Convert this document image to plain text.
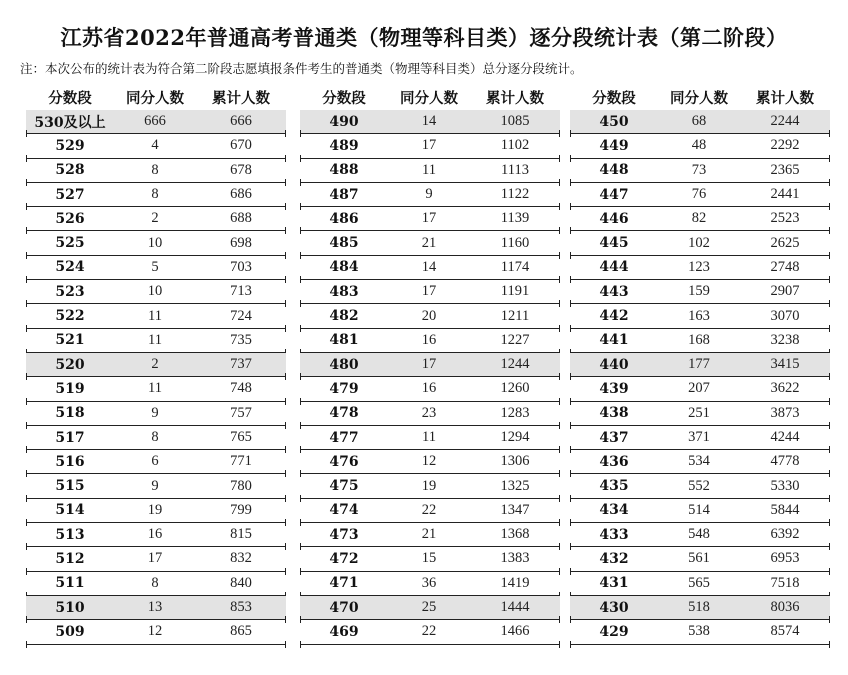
江苏省2022年普通高考普通类（物理等科目类）逐分段统计表（第二阶段）
注：本次公布的统计表为符合第二阶段志愿填报条件考生的普通类（物理等科目类）总分逐分段统计。
分数段	同分人数	累计人数
530及以上	666	666
529	4	670
528	8	678
527	8	686
526	2	688
525	10	698
524	5	703
523	10	713
522	11	724
521	11	735
520	2	737
519	11	748
518	9	757
517	8	765
516	6	771
515	9	780
514	19	799
513	16	815
512	17	832
511	8	840
510	13	853
509	12	865
分数段	同分人数	累计人数
490	14	1085
489	17	1102
488	11	1113
487	9	1122
486	17	1139
485	21	1160
484	14	1174
483	17	1191
482	20	1211
481	16	1227
480	17	1244
479	16	1260
478	23	1283
477	11	1294
476	12	1306
475	19	1325
474	22	1347
473	21	1368
472	15	1383
471	36	1419
470	25	1444
469	22	1466
分数段	同分人数	累计人数
450	68	2244
449	48	2292
448	73	2365
447	76	2441
446	82	2523
445	102	2625
444	123	2748
443	159	2907
442	163	3070
441	168	3238
440	177	3415
439	207	3622
438	251	3873
437	371	4244
436	534	4778
435	552	5330
434	514	5844
433	548	6392
432	561	6953
431	565	7518
430	518	8036
429	538	8574
